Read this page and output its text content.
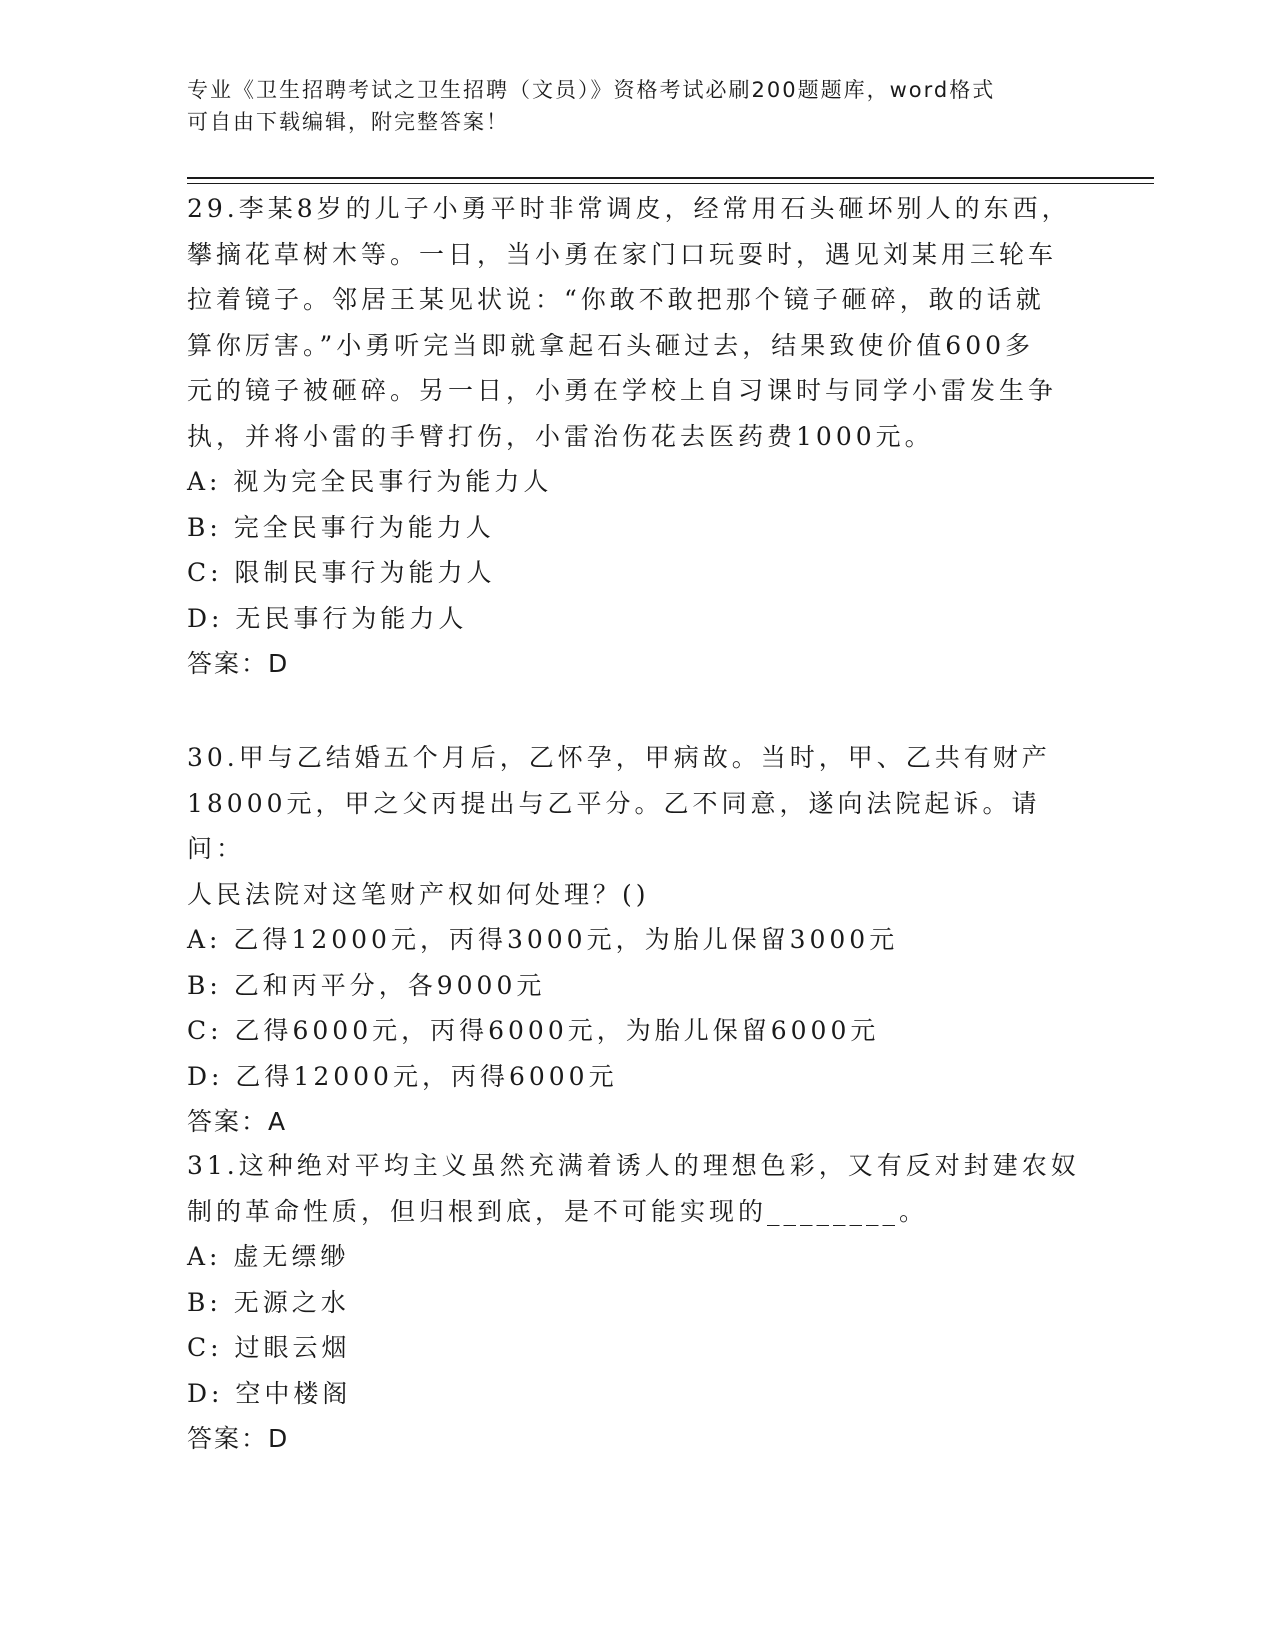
专业《卫生招聘考试之卫生招聘（文员）》资格考试必刷200题题库，word格式

可自由下载编辑，附完整答案！

29.李某8岁的儿子小勇平时非常调皮，经常用石头砸坏别人的东西，

攀摘花草树木等。一日，当小勇在家门口玩耍时，遇见刘某用三轮车

拉着镜子。邻居王某见状说：“你敢不敢把那个镜子砸碎，敢的话就

算你厉害。”小勇听完当即就拿起石头砸过去，结果致使价值600多

元的镜子被砸碎。另一日，小勇在学校上自习课时与同学小雷发生争

执，并将小雷的手臂打伤，小雷治伤花去医药费1000元。

A: 视为完全民事行为能力人

B: 完全民事行为能力人

C: 限制民事行为能力人

D: 无民事行为能力人

答案：D

30.甲与乙结婚五个月后，乙怀孕，甲病故。当时，甲、乙共有财产

18000元，甲之父丙提出与乙平分。乙不同意，遂向法院起诉。请问：

人民法院对这笔财产权如何处理？()

A: 乙得12000元，丙得3000元，为胎儿保留3000元

B: 乙和丙平分，各9000元

C: 乙得6000元，丙得6000元，为胎儿保留6000元

D: 乙得12000元，丙得6000元

答案：A

31.这种绝对平均主义虽然充满着诱人的理想色彩，又有反对封建农奴

制的革命性质，但归根到底，是不可能实现的________。

A: 虚无缥缈

B: 无源之水

C: 过眼云烟

D: 空中楼阁

答案：D
